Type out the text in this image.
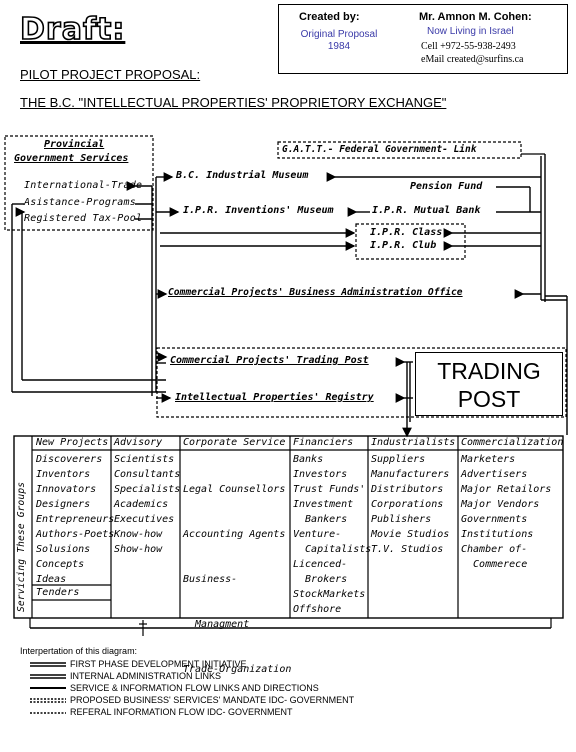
Draft:
PILOT PROJECT PROPOSAL:
THE B.C. "INTELLECTUAL PROPERTIES' PROPRIETORY EXCHANGE"
Created by:
Original Proposal
1984
Mr. Amnon M. Cohen:
Now Living in Israel
Cell +972-55-938-2493
eMail created@surfins.ca
Provincial
Government Services
International-Trade
Asistance-Programs
Registered Tax-Pool
G.A.T.T.- Federal Government- Link
B.C. Industrial Museum
Pension Fund
I.P.R. Inventions' Museum	I.P.R. Mutual Bank
I.P.R. Class
I.P.R. Club
Commercial Projects' Business Administration Office
Commercial Projects' Trading Post
Intellectual Properties' Registry
TRADING
POST
Servicing These Groups
New Projects Advisory Corporate Service Financiers Industrialists Commercialization
Discoverers
Inventors
Innovators
Designers
Entrepreneurs
Authors-Poets
Solusions
Concepts
Ideas
Tenders
Scientists
Consultants
Specialists
Academics
Executives
Know-how
Show-how

Legal Counsellors

Accounting Agents

Business-

Managment

Trade-Organization

Banks
Investors
Trust Funds'
Investment
Bankers
Venture-
Capitalists
Licenced-
Brokers
StockMarkets
Offshore
Suppliers
Manufacturers
Distributors
Corporations
Publishers
Movie Studios
T.V. Studios
Marketers
Advertisers
Major Retailors
Major Vendors
Governments
Institutions
Chamber of-
Commerece
Interpertation of this diagram:
FIRST PHASE DEVELOPMENT INITIATIVE
INTERNAL ADMINISTRATION LINKS
SERVICE & INFORMATION FLOW LINKS AND DIRECTIONS
PROPOSED BUSINESS' SERVICES' MANDATE IDC- GOVERNMENT
REFERAL INFORMATION FLOW IDC- GOVERNMENT
